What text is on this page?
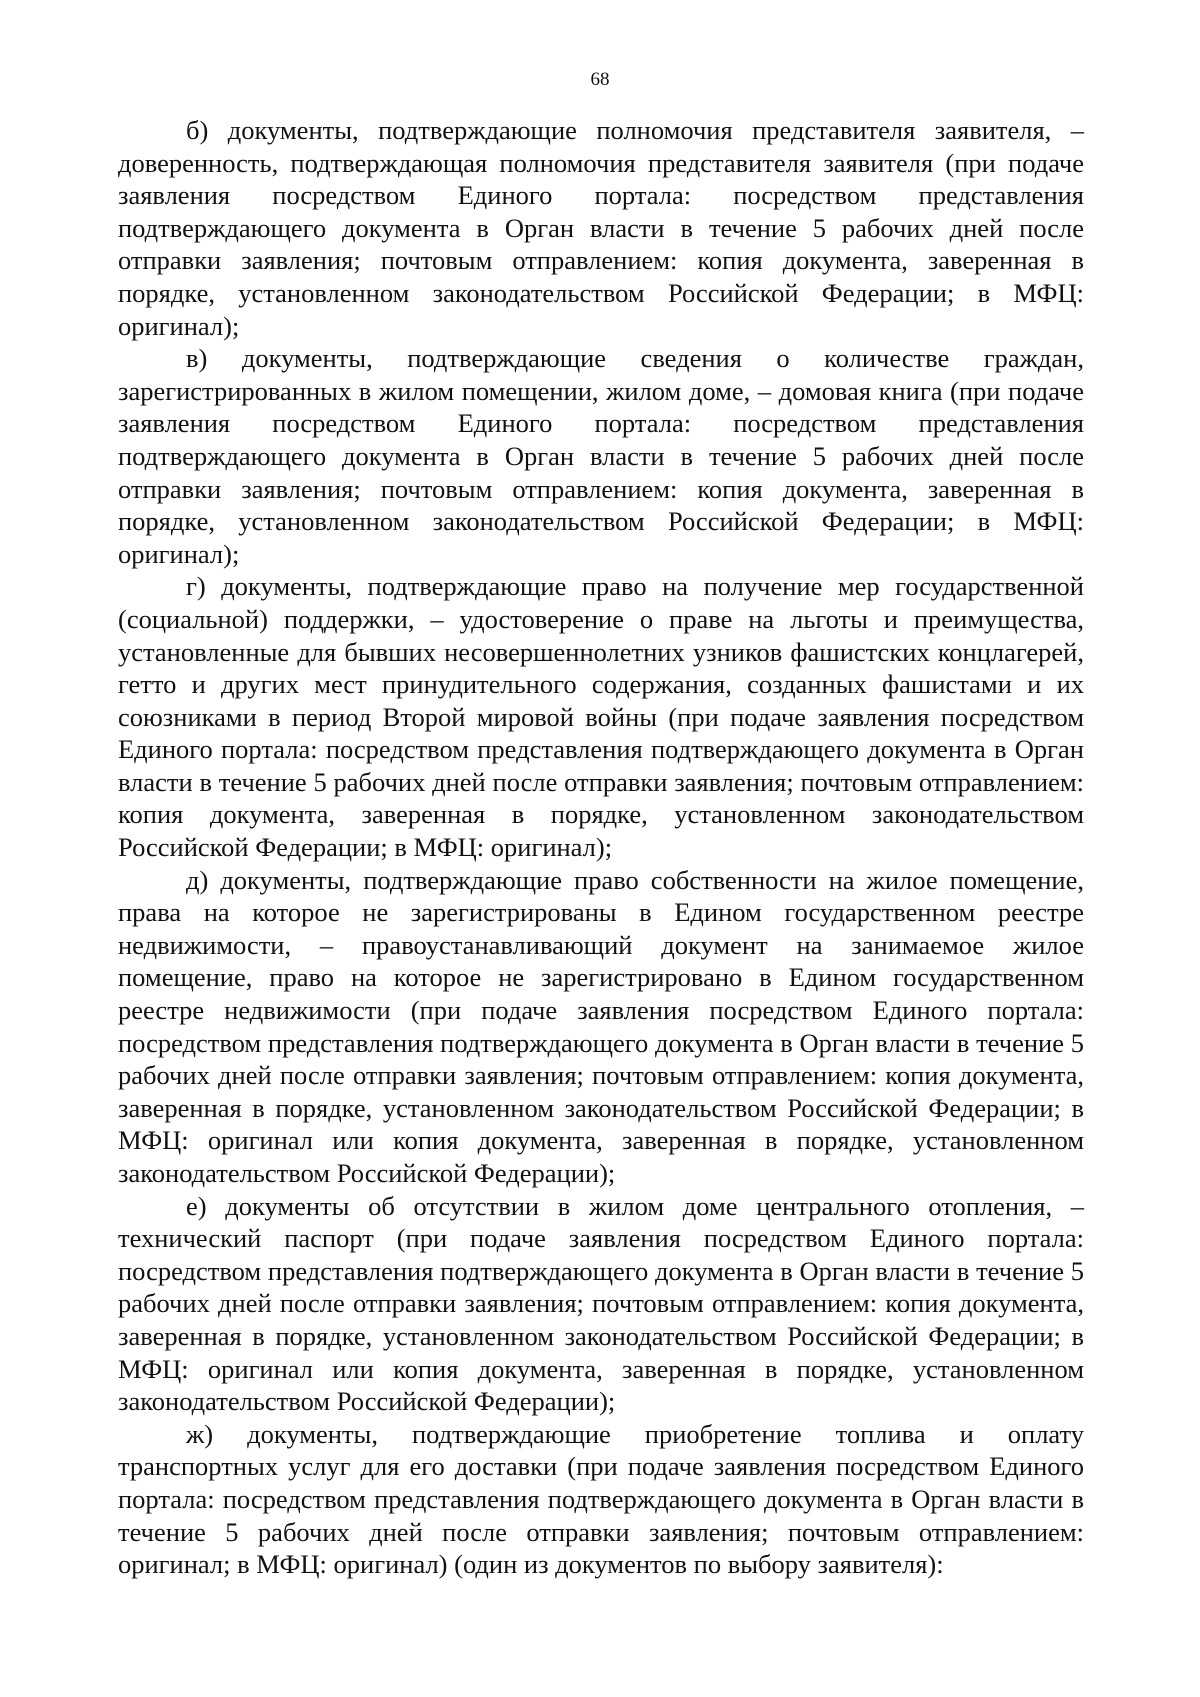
68

б) документы, подтверждающие полномочия представителя заявителя, – доверенность, подтверждающая полномочия представителя заявителя (при подаче заявления посредством Единого портала: посредством представления подтверждающего документа в Орган власти в течение 5 рабочих дней после отправки заявления; почтовым отправлением: копия документа, заверенная в порядке, установленном законодательством Российской Федерации; в МФЦ: оригинал);

в) документы, подтверждающие сведения о количестве граждан, зарегистрированных в жилом помещении, жилом доме, – домовая книга (при подаче заявления посредством Единого портала: посредством представления подтверждающего документа в Орган власти в течение 5 рабочих дней после отправки заявления; почтовым отправлением: копия документа, заверенная в порядке, установленном законодательством Российской Федерации; в МФЦ: оригинал);

г) документы, подтверждающие право на получение мер государственной (социальной) поддержки, – удостоверение о праве на льготы и преимущества, установленные для бывших несовершеннолетних узников фашистских концлагерей, гетто и других мест принудительного содержания, созданных фашистами и их союзниками в период Второй мировой войны (при подаче заявления посредством Единого портала: посредством представления подтверждающего документа в Орган власти в течение 5 рабочих дней после отправки заявления; почтовым отправлением: копия документа, заверенная в порядке, установленном законодательством Российской Федерации; в МФЦ: оригинал);

д) документы, подтверждающие право собственности на жилое помещение, права на которое не зарегистрированы в Едином государственном реестре недвижимости, – правоустанавливающий документ на занимаемое жилое помещение, право на которое не зарегистрировано в Едином государственном реестре недвижимости (при подаче заявления посредством Единого портала: посредством представления подтверждающего документа в Орган власти в течение 5 рабочих дней после отправки заявления; почтовым отправлением: копия документа, заверенная в порядке, установленном законодательством Российской Федерации; в МФЦ: оригинал или копия документа, заверенная в порядке, установленном законодательством Российской Федерации);

е) документы об отсутствии в жилом доме центрального отопления, – технический паспорт (при подаче заявления посредством Единого портала: посредством представления подтверждающего документа в Орган власти в течение 5 рабочих дней после отправки заявления; почтовым отправлением: копия документа, заверенная в порядке, установленном законодательством Российской Федерации; в МФЦ: оригинал или копия документа, заверенная в порядке, установленном законодательством Российской Федерации);

ж) документы, подтверждающие приобретение топлива и оплату транспортных услуг для его доставки (при подаче заявления посредством Единого портала: посредством представления подтверждающего документа в Орган власти в течение 5 рабочих дней после отправки заявления; почтовым отправлением: оригинал; в МФЦ: оригинал) (один из документов по выбору заявителя):
